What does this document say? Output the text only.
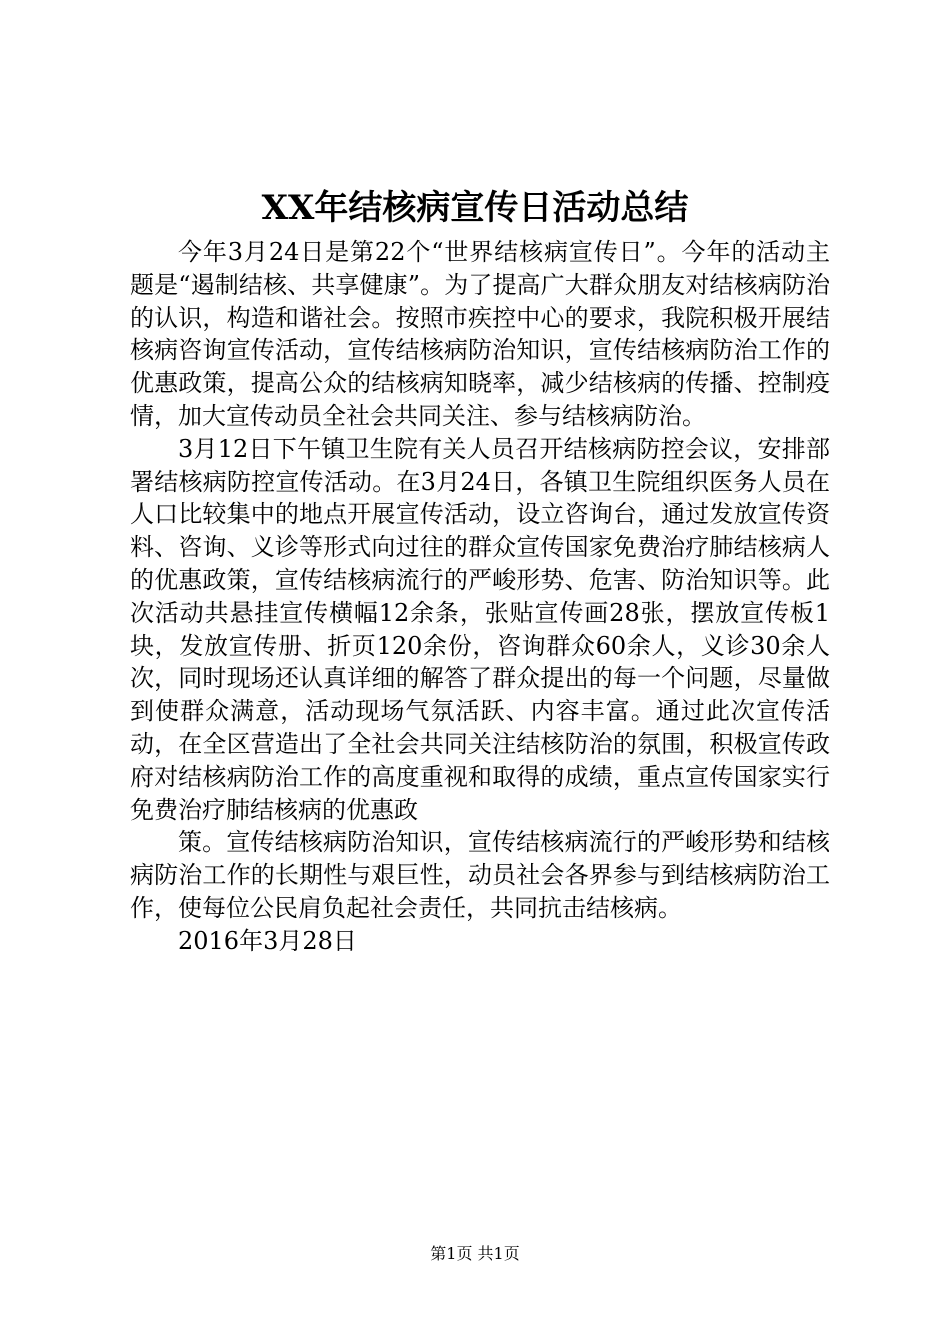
XX年结核病宣传日活动总结

今年3月24日是第22个“世界结核病宣传日”。今年的活动主题是“遏制结核、共享健康”。为了提高广大群众朋友对结核病防治的认识，构造和谐社会。按照市疾控中心的要求，我院积极开展结核病咨询宣传活动，宣传结核病防治知识，宣传结核病防治工作的优惠政策，提高公众的结核病知晓率，减少结核病的传播、控制疫情，加大宣传动员全社会共同关注、参与结核病防治。

3月12日下午镇卫生院有关人员召开结核病防控会议，安排部署结核病防控宣传活动。在3月24日，各镇卫生院组织医务人员在人口比较集中的地点开展宣传活动，设立咨询台，通过发放宣传资料、咨询、义诊等形式向过往的群众宣传国家免费治疗肺结核病人的优惠政策，宣传结核病流行的严峻形势、危害、防治知识等。此次活动共悬挂宣传横幅12余条，张贴宣传画28张，摆放宣传板1块，发放宣传册、折页120余份，咨询群众60余人，义诊30余人次，同时现场还认真详细的解答了群众提出的每一个问题，尽量做到使群众满意，活动现场气氛活跃、内容丰富。通过此次宣传活动，在全区营造出了全社会共同关注结核防治的氛围，积极宣传政府对结核病防治工作的高度重视和取得的成绩，重点宣传国家实行免费治疗肺结核病的优惠政

策。宣传结核病防治知识，宣传结核病流行的严峻形势和结核病防治工作的长期性与艰巨性，动员社会各界参与到结核病防治工作，使每位公民肩负起社会责任，共同抗击结核病。

2016年3月28日

第1页 共1页
